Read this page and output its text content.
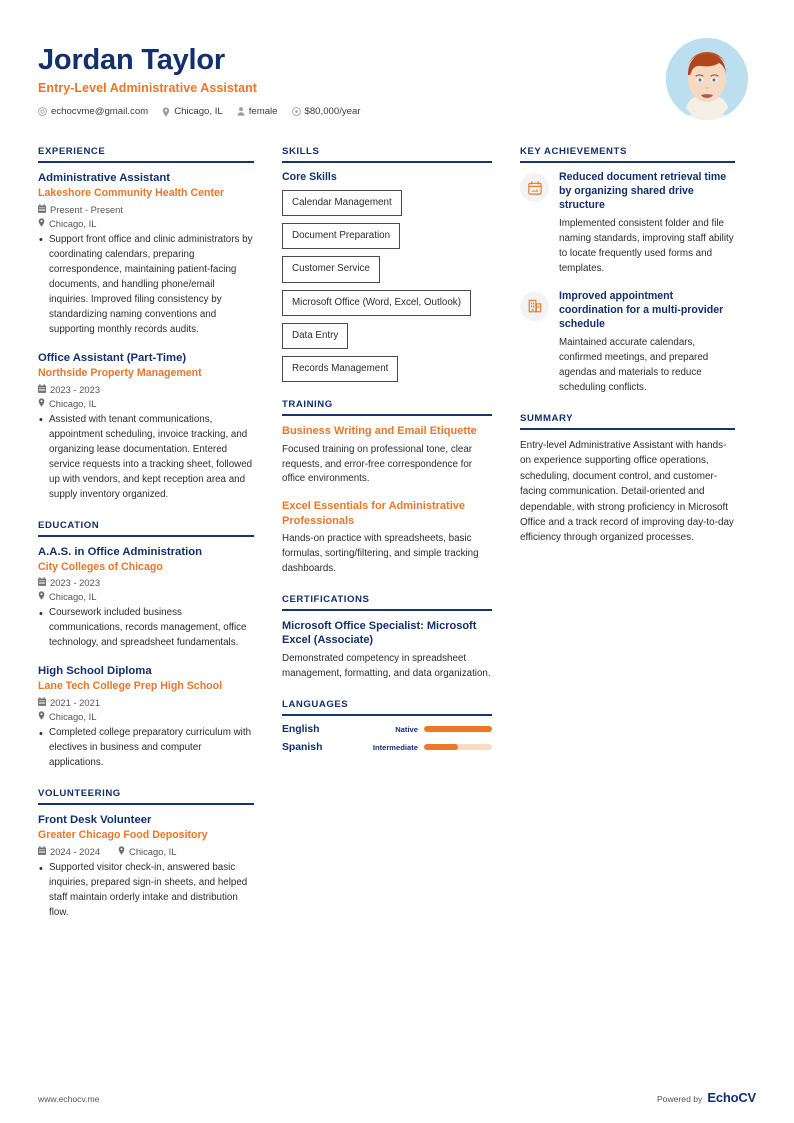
Jordan Taylor
Entry-Level Administrative Assistant
echocvme@gmail.com	Chicago, IL	female	$80,000/year
EXPERIENCE
Administrative Assistant
Lakeshore Community Health Center
Present - Present
Chicago, IL
• Support front office and clinic administrators by coordinating calendars, preparing correspondence, maintaining patient-facing documents, and handling phone/email inquiries. Improved filing consistency by standardizing naming conventions and supporting monthly records audits.
Office Assistant (Part-Time)
Northside Property Management
2023 - 2023
Chicago, IL
• Assisted with tenant communications, appointment scheduling, invoice tracking, and organizing lease documentation. Entered service requests into a tracking sheet, followed up with vendors, and kept reception area and supply inventory organized.
EDUCATION
A.A.S. in Office Administration
City Colleges of Chicago
2023 - 2023
Chicago, IL
• Coursework included business communications, records management, office technology, and spreadsheet fundamentals.
High School Diploma
Lane Tech College Prep High School
2021 - 2021
Chicago, IL
• Completed college preparatory curriculum with electives in business and computer applications.
VOLUNTEERING
Front Desk Volunteer
Greater Chicago Food Depository
2024 - 2024	Chicago, IL
• Supported visitor check-in, answered basic inquiries, prepared sign-in sheets, and helped staff maintain orderly intake and distribution flow.
SKILLS
Core Skills
Calendar Management
Document Preparation
Customer Service
Microsoft Office (Word, Excel, Outlook)
Data Entry
Records Management
TRAINING
Business Writing and Email Etiquette
Focused training on professional tone, clear requests, and error-free correspondence for office environments.
Excel Essentials for Administrative Professionals
Hands-on practice with spreadsheets, basic formulas, sorting/filtering, and simple tracking dashboards.
CERTIFICATIONS
Microsoft Office Specialist: Microsoft Excel (Associate)
Demonstrated competency in spreadsheet management, formatting, and data organization.
LANGUAGES
English	Native
Spanish	Intermediate
KEY ACHIEVEMENTS
Reduced document retrieval time by organizing shared drive structure
Implemented consistent folder and file naming standards, improving staff ability to locate frequently used forms and templates.
Improved appointment coordination for a multi-provider schedule
Maintained accurate calendars, confirmed meetings, and prepared agendas and materials to reduce scheduling conflicts.
SUMMARY
Entry-level Administrative Assistant with hands-on experience supporting office operations, scheduling, document control, and customer-facing communication. Detail-oriented and dependable, with strong proficiency in Microsoft Office and a track record of improving day-to-day efficiency through organized processes.
www.echocv.me	Powered by EchoCV
